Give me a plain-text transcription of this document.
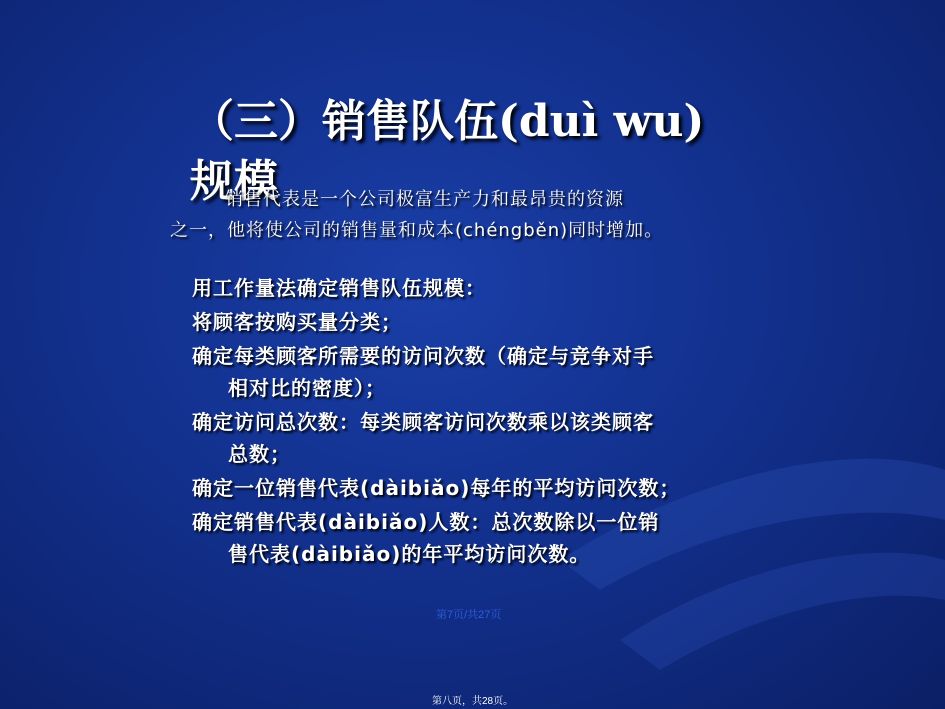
（三）销售队伍(duì wu)规模
销售代表是一个公司极富生产力和最昂贵的资源
之一，他将使公司的销售量和成本(chéngběn)同时增加。
用工作量法确定销售队伍规模：
将顾客按购买量分类；
确定每类顾客所需要的访问次数（确定与竞争对手
相对比的密度）；
确定访问总次数：每类顾客访问次数乘以该类顾客
总数；
确定一位销售代表(dàibiǎo)每年的平均访问次数；
确定销售代表(dàibiǎo)人数：总次数除以一位销
售代表(dàibiǎo)的年平均访问次数。
第7页/共27页
第八页，共28页。
